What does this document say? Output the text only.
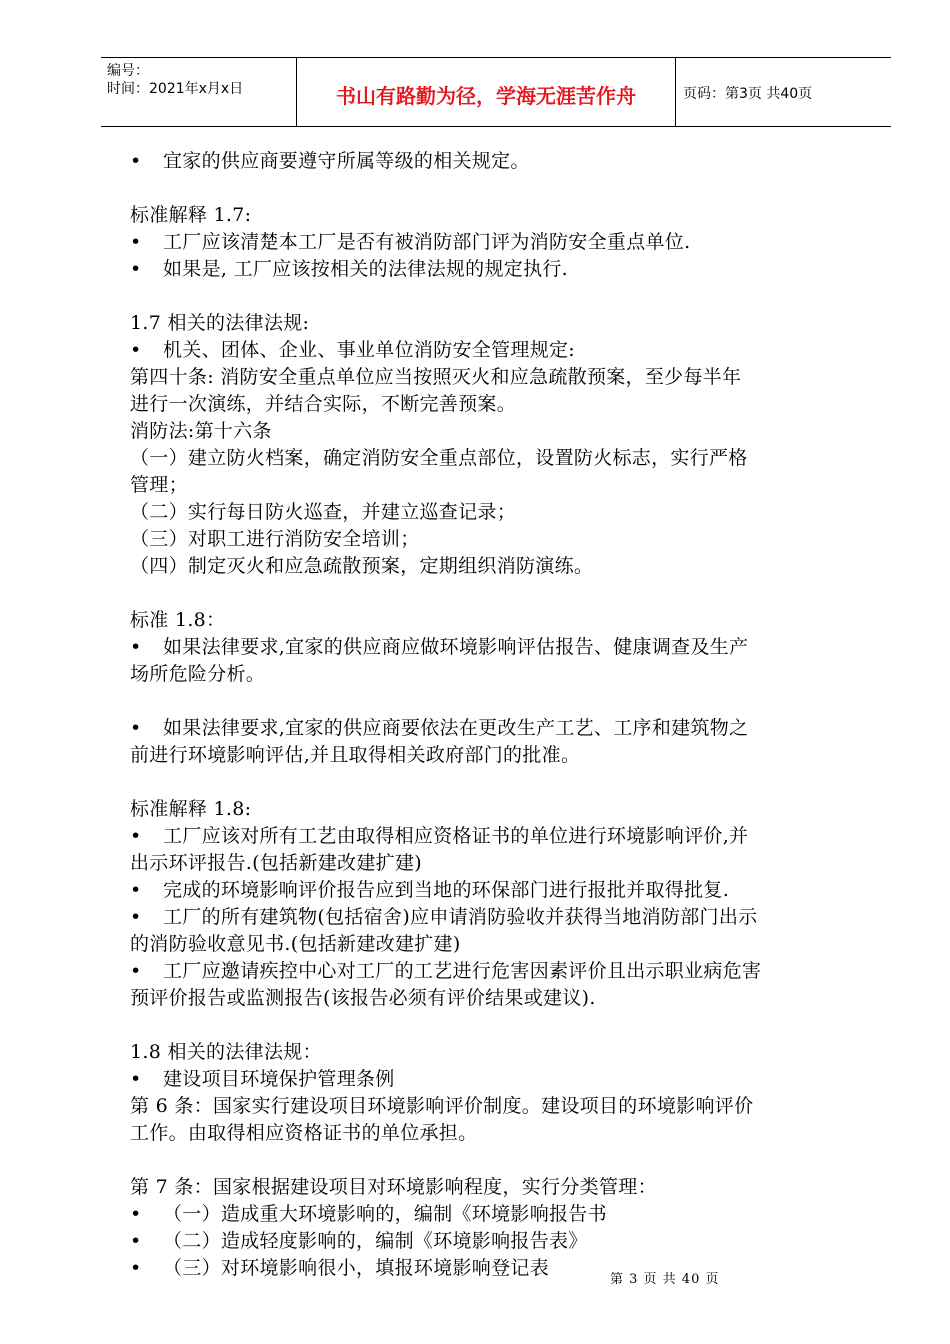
编号：
时间：2021年x月x日	书山有路勤为径，学海无涯苦作舟	页码：第3页 共40页
•	宜家的供应商要遵守所属等级的相关规定。
标准解释 1.7:
•	工厂应该清楚本工厂是否有被消防部门评为消防安全重点单位.
•	如果是, 工厂应该按相关的法律法规的规定执行.
1.7 相关的法律法规:
•	机关、团体、企业、事业单位消防安全管理规定:
第四十条: 消防安全重点单位应当按照灭火和应急疏散预案，至少每半年
进行一次演练，并结合实际，不断完善预案。
消防法:第十六条
（一）建立防火档案，确定消防安全重点部位，设置防火标志，实行严格
管理；
（二）实行每日防火巡查，并建立巡查记录；
（三）对职工进行消防安全培训；
（四）制定灭火和应急疏散预案，定期组织消防演练。
标准 1.8：
•	如果法律要求,宜家的供应商应做环境影响评估报告、健康调查及生产
场所危险分析。
•	如果法律要求,宜家的供应商要依法在更改生产工艺、工序和建筑物之
前进行环境影响评估,并且取得相关政府部门的批准。
标准解释 1.8:
•	工厂应该对所有工艺由取得相应资格证书的单位进行环境影响评价,并
出示环评报告.(包括新建改建扩建)
•	完成的环境影响评价报告应到当地的环保部门进行报批并取得批复.
•	工厂的所有建筑物(包括宿舍)应申请消防验收并获得当地消防部门出示
的消防验收意见书.(包括新建改建扩建)
•	工厂应邀请疾控中心对工厂的工艺进行危害因素评价且出示职业病危害
预评价报告或监测报告(该报告必须有评价结果或建议).
1.8 相关的法律法规：
•	建设项目环境保护管理条例
第 6 条：国家实行建设项目环境影响评价制度。建设项目的环境影响评价
工作。由取得相应资格证书的单位承担。
第 7 条：国家根据建设项目对环境影响程度，实行分类管理：
•	（一）造成重大环境影响的，编制《环境影响报告书
•	（二）造成轻度影响的，编制《环境影响报告表》
•	（三）对环境影响很小，填报环境影响登记表
第 3 页 共 40 页
